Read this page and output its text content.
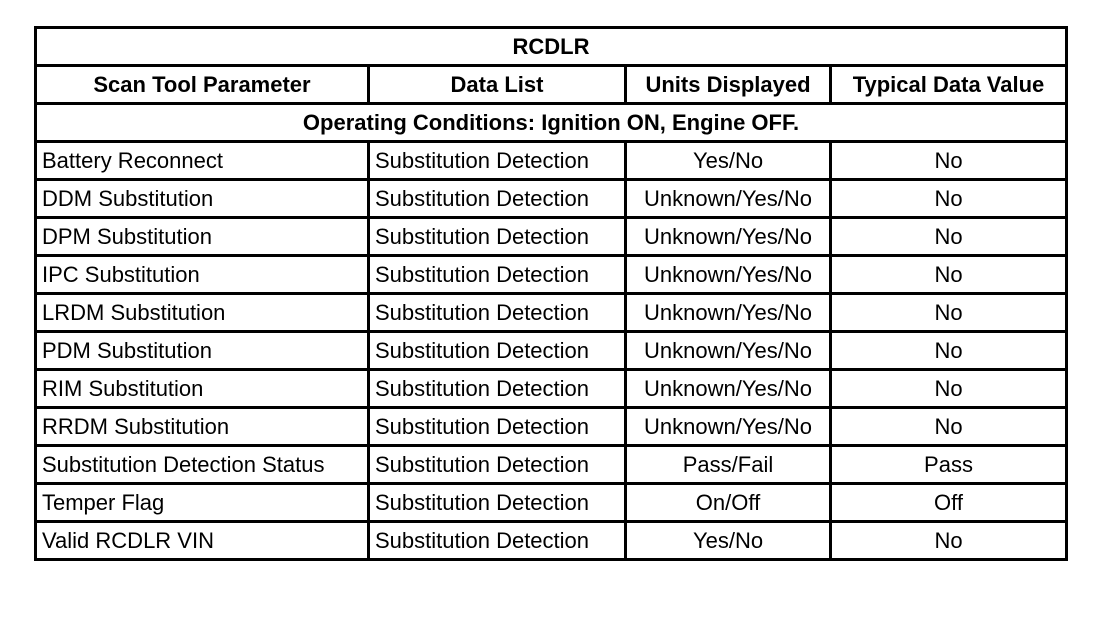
RCDLR			
Scan Tool Parameter	Data List	Units Displayed	Typical Data Value
Operating Conditions: Ignition ON, Engine OFF.			
Battery Reconnect	Substitution Detection	Yes/No	No
DDM Substitution	Substitution Detection	Unknown/Yes/No	No
DPM Substitution	Substitution Detection	Unknown/Yes/No	No
IPC Substitution	Substitution Detection	Unknown/Yes/No	No
LRDM Substitution	Substitution Detection	Unknown/Yes/No	No
PDM Substitution	Substitution Detection	Unknown/Yes/No	No
RIM Substitution	Substitution Detection	Unknown/Yes/No	No
RRDM Substitution	Substitution Detection	Unknown/Yes/No	No
Substitution Detection Status	Substitution Detection	Pass/Fail	Pass
Temper Flag	Substitution Detection	On/Off	Off
Valid RCDLR VIN	Substitution Detection	Yes/No	No
